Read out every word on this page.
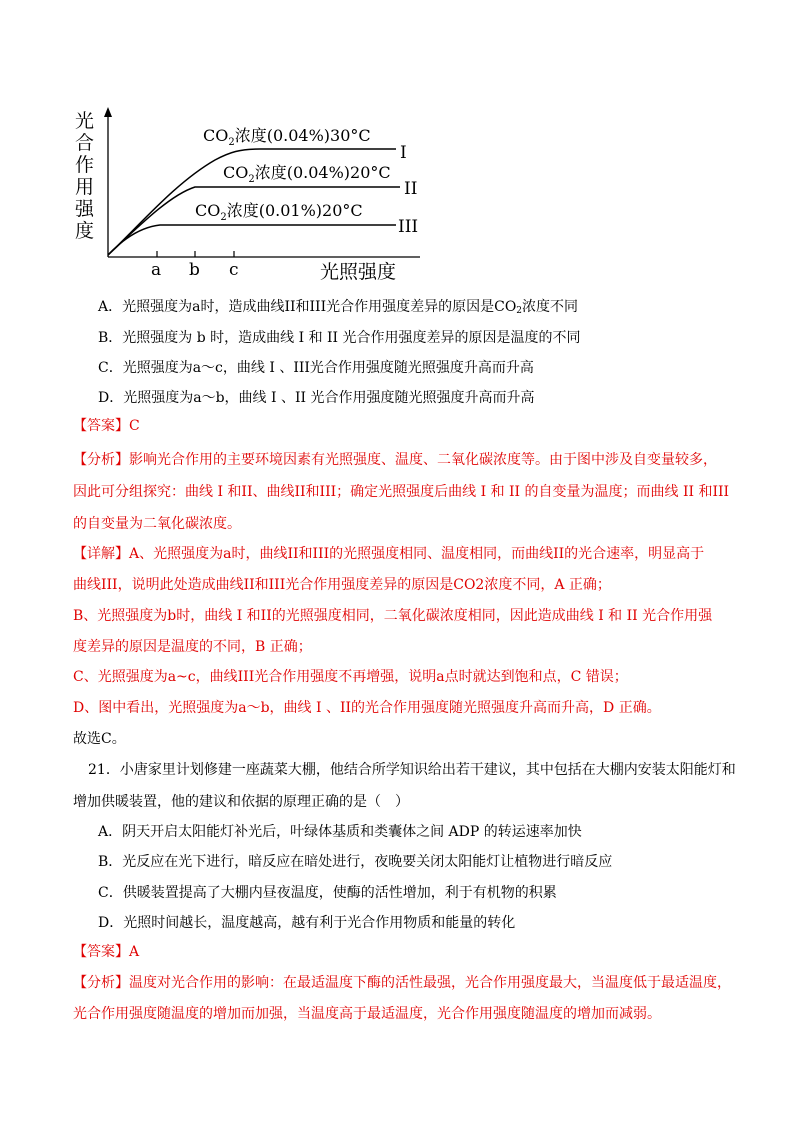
光
合
作
用
强
度
a b c	光照强度
$CO_2$浓度(0.04%)30°C
$CO_2$浓度(0.04%)20°C
$CO_2$浓度(0.01%)20°C
I
II
III
A．光照强度为a时，造成曲线II和III光合作用强度差异的原因是$CO_2$浓度不同
B．光照强度为 b 时，造成曲线 I 和 II 光合作用强度差异的原因是温度的不同
C．光照强度为a～c，曲线 I 、III光合作用强度随光照强度升高而升高
D．光照强度为a～b，曲线 I 、II 光合作用强度随光照强度升高而升高
【答案】C
【分析】影响光合作用的主要环境因素有光照强度、温度、二氧化碳浓度等。由于图中涉及自变量较多，
因此可分组探究：曲线 I 和II、曲线II和III；确定光照强度后曲线 I 和 II 的自变量为温度；而曲线 II 和III
的自变量为二氧化碳浓度。
【详解】A、光照强度为a时，曲线II和III的光照强度相同、温度相同，而曲线II的光合速率，明显高于
曲线III，说明此处造成曲线II和III光合作用强度差异的原因是CO2浓度不同，A 正确；
B、光照强度为b时，曲线 I 和II的光照强度相同，二氧化碳浓度相同，因此造成曲线 I 和 II 光合作用强
度差异的原因是温度的不同，B 正确；
C、光照强度为a~c，曲线III光合作用强度不再增强，说明a点时就达到饱和点，C 错误；
D、图中看出，光照强度为a～b，曲线 I 、II的光合作用强度随光照强度升高而升高，D 正确。
故选C。
21．小唐家里计划修建一座蔬菜大棚，他结合所学知识给出若干建议，其中包括在大棚内安装太阳能灯和
增加供暖装置，他的建议和依据的原理正确的是（　）
A．阴天开启太阳能灯补光后，叶绿体基质和类囊体之间 ADP 的转运速率加快
B．光反应在光下进行，暗反应在暗处进行，夜晚要关闭太阳能灯让植物进行暗反应
C．供暖装置提高了大棚内昼夜温度，使酶的活性增加，利于有机物的积累
D．光照时间越长，温度越高，越有利于光合作用物质和能量的转化
【答案】A
【分析】温度对光合作用的影响：在最适温度下酶的活性最强，光合作用强度最大，当温度低于最适温度，
光合作用强度随温度的增加而加强，当温度高于最适温度，光合作用强度随温度的增加而减弱。
